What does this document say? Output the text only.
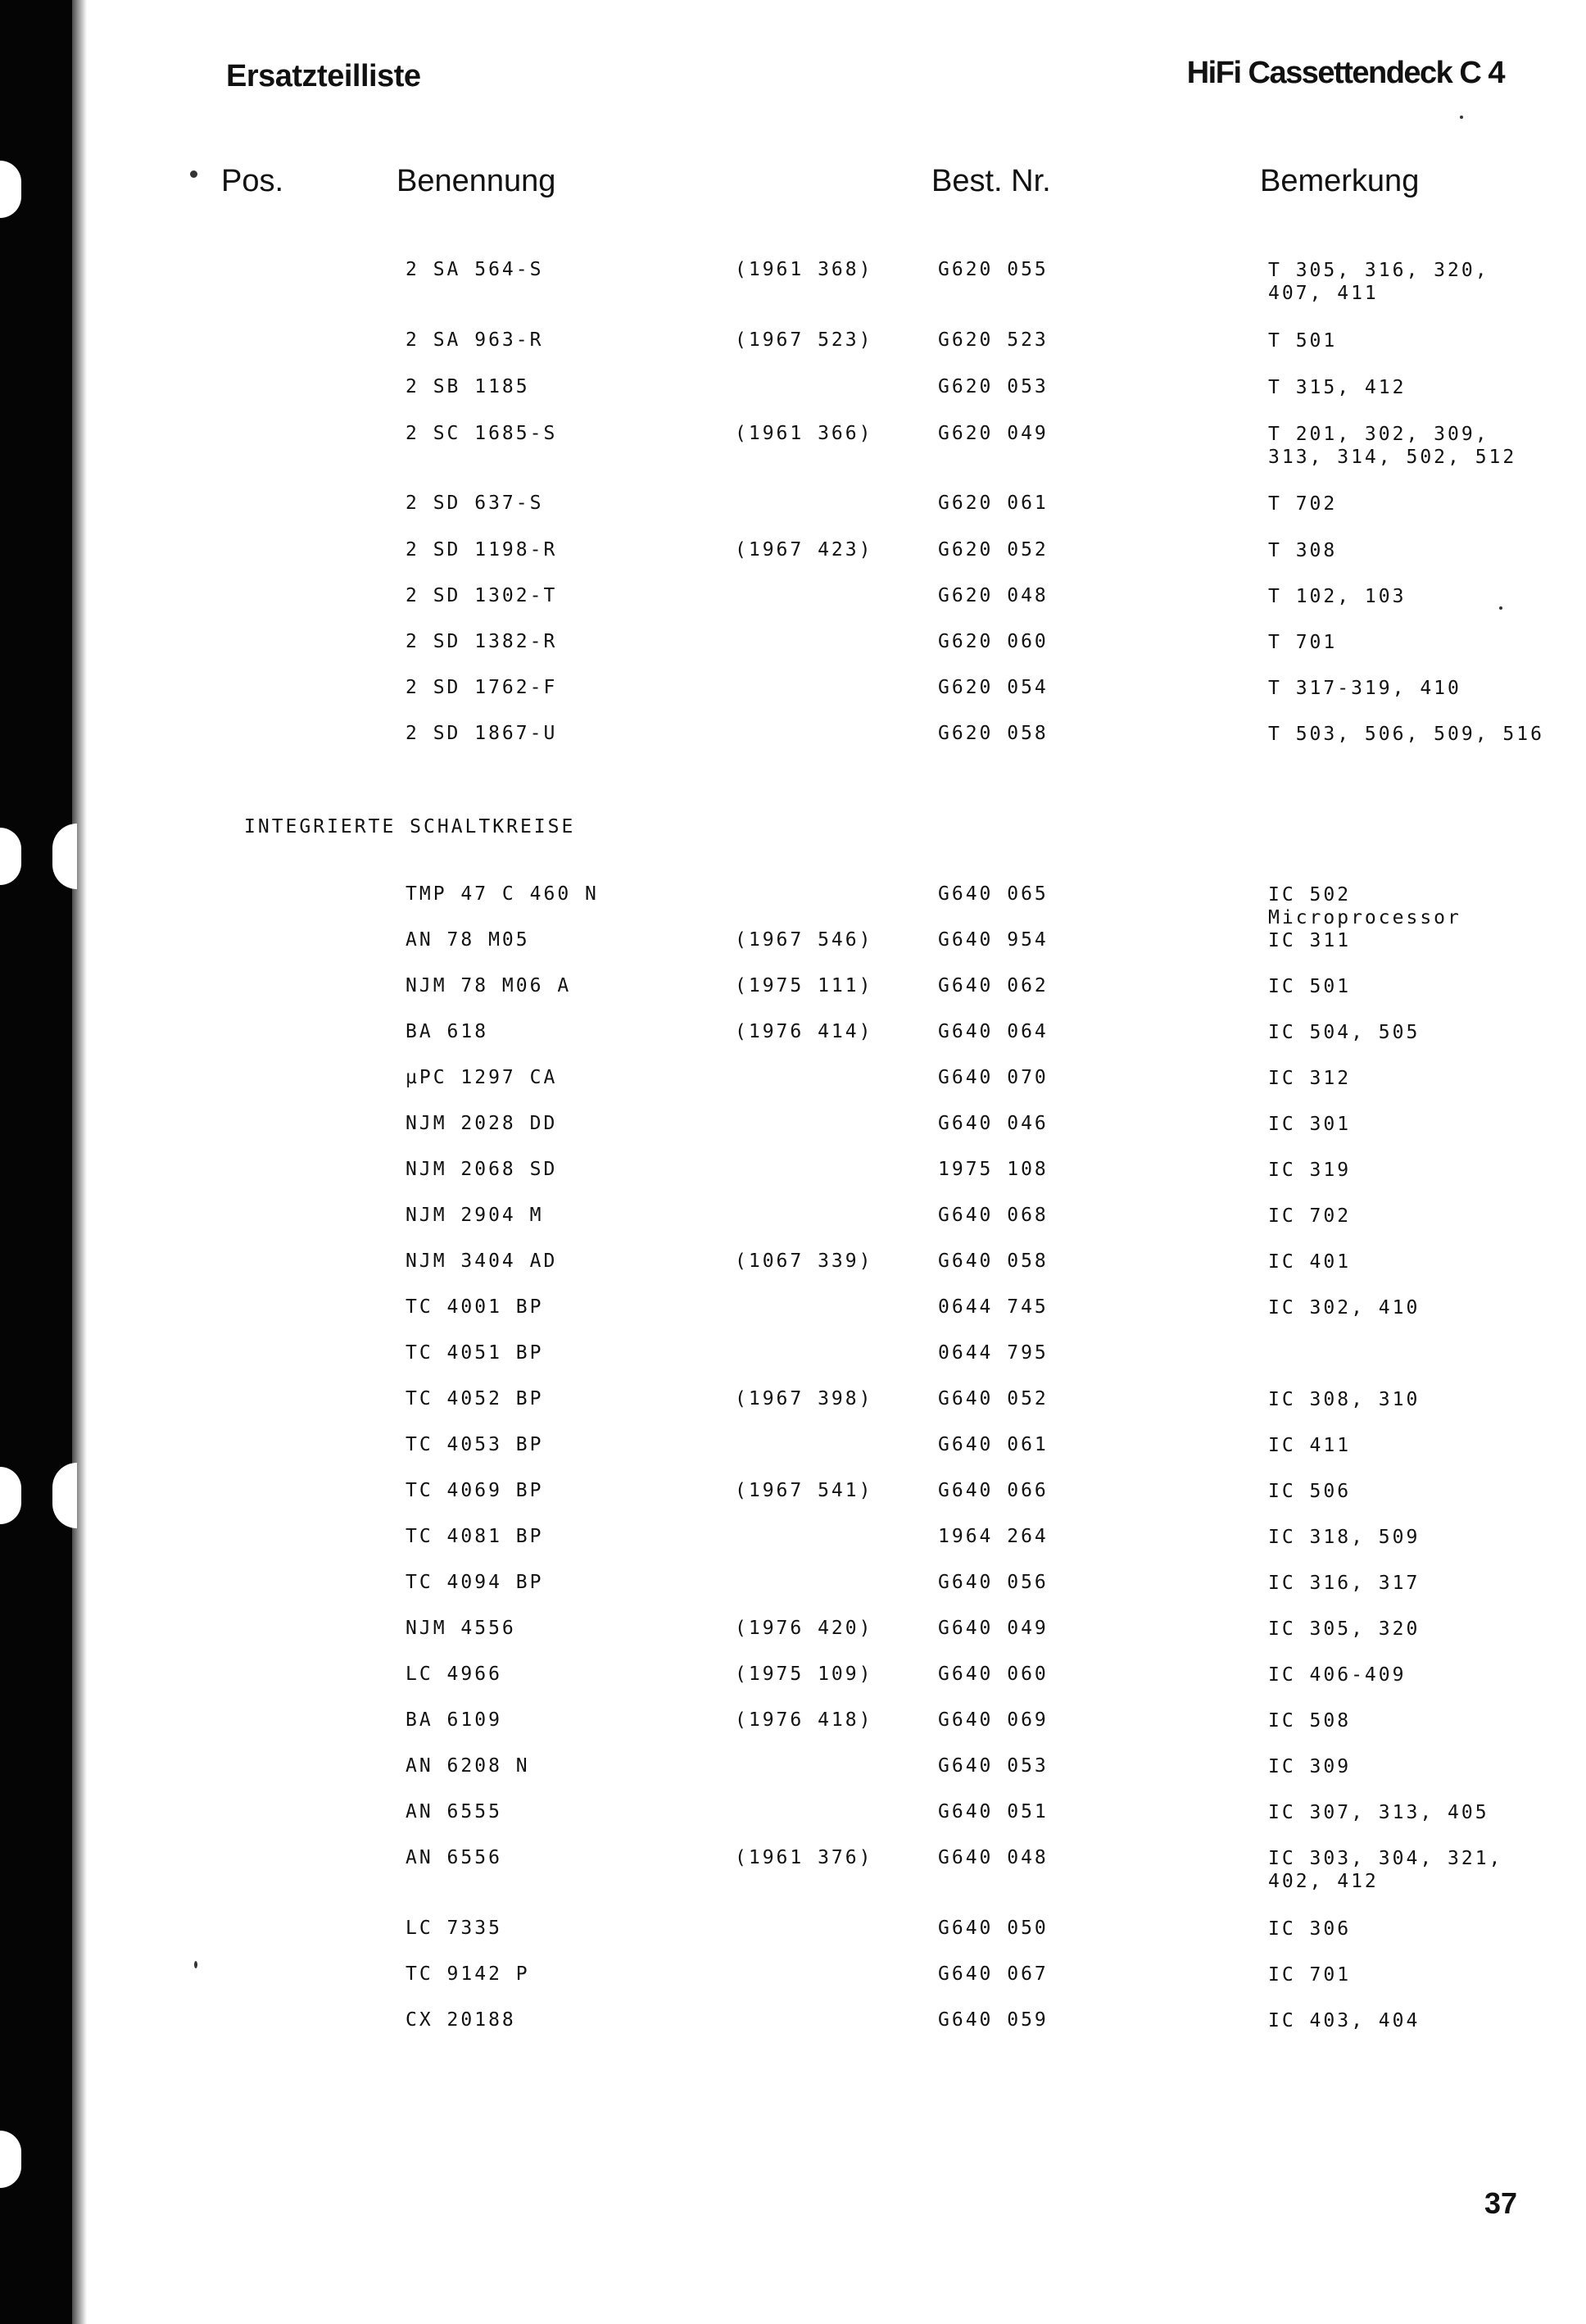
Ersatzteilliste	HiFi Cassettendeck C 4
Pos.	Benennung	Best. Nr.	Bemerkung
2 SA 564-S	(1961 368)	G620 055	T 305, 316, 320, 407, 411
2 SA 963-R	(1967 523)	G620 523	T 501
2 SB 1185	G620 053	T 315, 412
2 SC 1685-S	(1961 366)	G620 049	T 201, 302, 309, 313, 314, 502, 512
2 SD 637-S	G620 061	T 702
2 SD 1198-R	(1967 423)	G620 052	T 308
2 SD 1302-T	G620 048	T 102, 103
2 SD 1382-R	G620 060	T 701
2 SD 1762-F	G620 054	T 317-319, 410
2 SD 1867-U	G620 058	T 503, 506, 509, 516
INTEGRIERTE SCHALTKREISE
TMP 47 C 460 N	G640 065	IC 502 Microprocessor
AN 78 M05	(1967 546)	G640 954	IC 311
NJM 78 M06 A	(1975 111)	G640 062	IC 501
BA 618	(1976 414)	G640 064	IC 504, 505
µPC 1297 CA	G640 070	IC 312
NJM 2028 DD	G640 046	IC 301
NJM 2068 SD	1975 108	IC 319
NJM 2904 M	G640 068	IC 702
NJM 3404 AD	(1067 339)	G640 058	IC 401
TC 4001 BP	0644 745	IC 302, 410
TC 4051 BP	0644 795
TC 4052 BP	(1967 398)	G640 052	IC 308, 310
TC 4053 BP	G640 061	IC 411
TC 4069 BP	(1967 541)	G640 066	IC 506
TC 4081 BP	1964 264	IC 318, 509
TC 4094 BP	G640 056	IC 316, 317
NJM 4556	(1976 420)	G640 049	IC 305, 320
LC 4966	(1975 109)	G640 060	IC 406-409
BA 6109	(1976 418)	G640 069	IC 508
AN 6208 N	G640 053	IC 309
AN 6555	G640 051	IC 307, 313, 405
AN 6556	(1961 376)	G640 048	IC 303, 304, 321, 402, 412
LC 7335	G640 050	IC 306
TC 9142 P	G640 067	IC 701
CX 20188	G640 059	IC 403, 404
37
